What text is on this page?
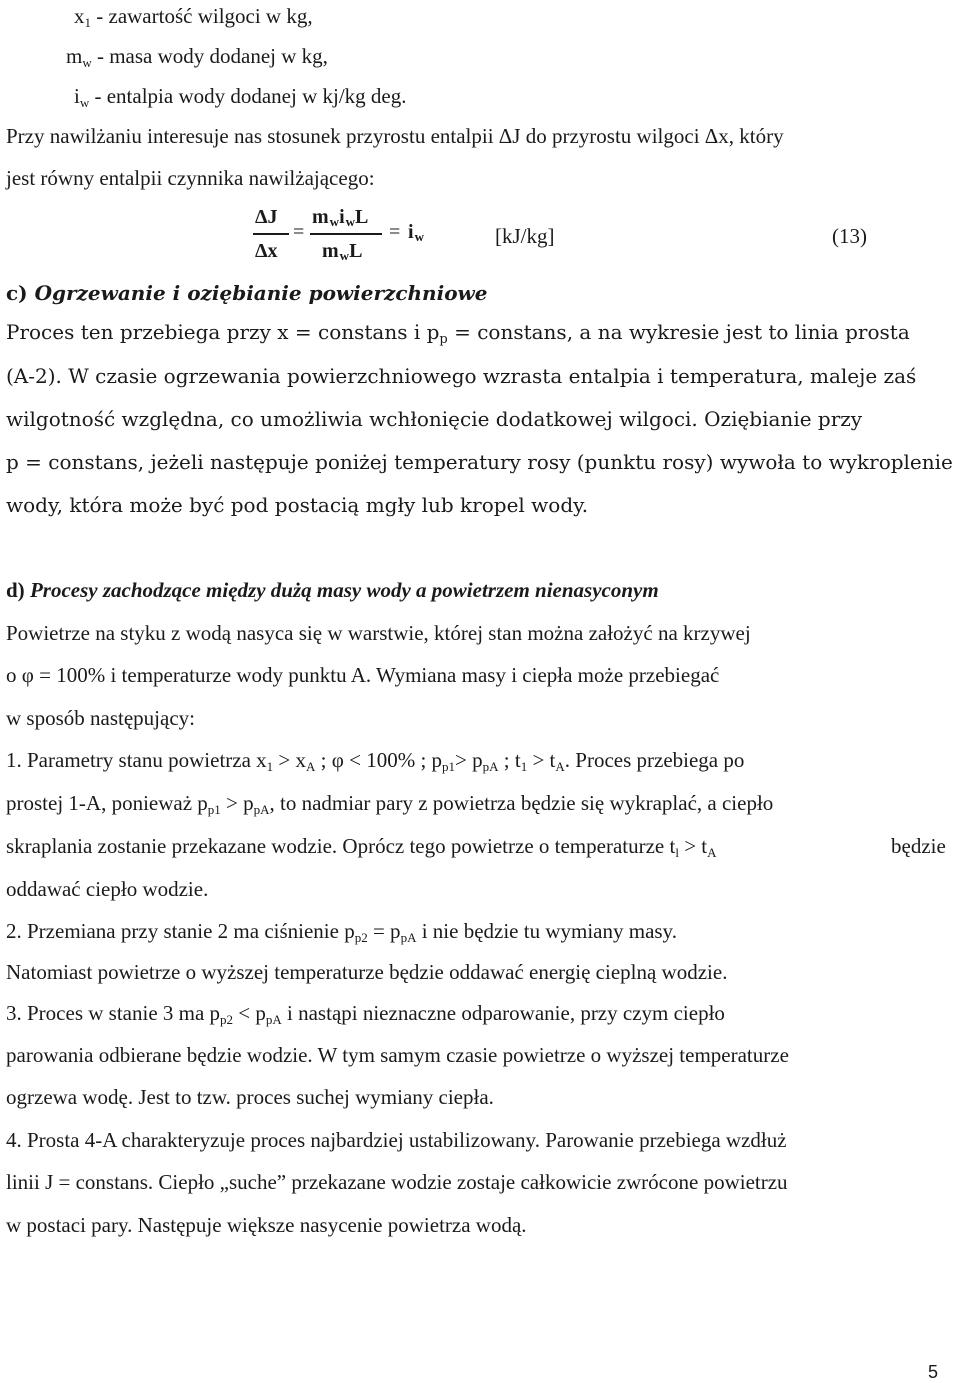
x1 - zawartość wilgoci w kg,
mw - masa wody dodanej w kg,
iw - entalpia wody dodanej w kj/kg deg.
Przy nawilżaniu interesuje nas stosunek przyrostu entalpii ΔJ do przyrostu wilgoci Δx, który
jest równy entalpii czynnika nawilżającego:
ΔJ
Δx
=
mwiwL
mwL
= iw	[kJ/kg]	(13)
c) Ogrzewanie i oziębianie powierzchniowe
Proces ten przebiega przy x = constans i $p_p$ = constans, a na wykresie jest to linia prosta
(A-2). W czasie ogrzewania powierzchniowego wzrasta entalpia i temperatura, maleje zaś
wilgotność względna, co umożliwia wchłonięcie dodatkowej wilgoci. Oziębianie przy
p = constans, jeżeli następuje poniżej temperatury rosy (punktu rosy) wywoła to wykroplenie
wody, która może być pod postacią mgły lub kropel wody.
d) Procesy zachodzące między dużą masy wody a powietrzem nienasyconym
Powietrze na styku z wodą nasyca się w warstwie, której stan można założyć na krzywej
o φ = 100% i temperaturze wody punktu A. Wymiana masy i ciepła może przebiegać
w sposób następujący:
1. Parametry stanu powietrza x1 > xA ; φ < 100% ; pp1> ppA ; t1 > tA. Proces przebiega po
prostej 1-A, ponieważ pp1 > ppA, to nadmiar pary z powietrza będzie się wykraplać, a ciepło
skraplania zostanie przekazane wodzie. Oprócz tego powietrze o temperaturze tl > tA	będzie
oddawać ciepło wodzie.
2. Przemiana przy stanie 2 ma ciśnienie pp2 = ppA i nie będzie tu wymiany masy.
Natomiast powietrze o wyższej temperaturze będzie oddawać energię cieplną wodzie.
3. Proces w stanie 3 ma pp2 < ppA i nastąpi nieznaczne odparowanie, przy czym ciepło
parowania odbierane będzie wodzie. W tym samym czasie powietrze o wyższej temperaturze
ogrzewa wodę. Jest to tzw. proces suchej wymiany ciepła.
4. Prosta 4-A charakteryzuje proces najbardziej ustabilizowany. Parowanie przebiega wzdłuż
linii J = constans. Ciepło „suche” przekazane wodzie zostaje całkowicie zwrócone powietrzu
w postaci pary. Następuje większe nasycenie powietrza wodą.
5
